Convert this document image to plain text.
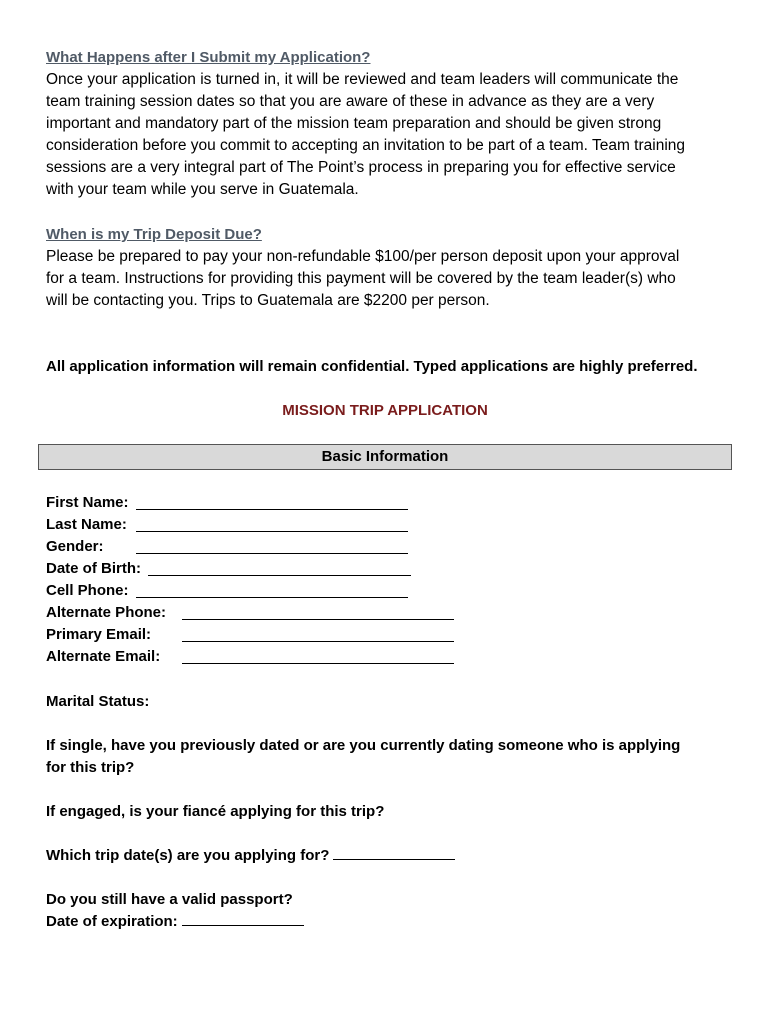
What Happens after I Submit my Application?
Once your application is turned in, it will be reviewed and team leaders will communicate the
team training session dates so that you are aware of these in advance as they are a very
important and mandatory part of the mission team preparation and should be given strong
consideration before you commit to accepting an invitation to be part of a team. Team training
sessions are a very integral part of The Point’s process in preparing you for effective service
with your team while you serve in Guatemala.
When is my Trip Deposit Due?
Please be prepared to pay your non-refundable $100/per person deposit upon your approval
for a team. Instructions for providing this payment will be covered by the team leader(s) who
will be contacting you. Trips to Guatemala are $2200 per person.
All application information will remain confidential. Typed applications are highly preferred.
MISSION TRIP APPLICATION
Basic Information
First Name:
Last Name:
Gender:
Date of Birth:
Cell Phone:
Alternate Phone:
Primary Email:
Alternate Email:
Marital Status:
If single, have you previously dated or are you currently dating someone who is applying
for this trip?
If engaged, is your fiancé applying for this trip?
Which trip date(s) are you applying for?
Do you still have a valid passport?
Date of expiration:
